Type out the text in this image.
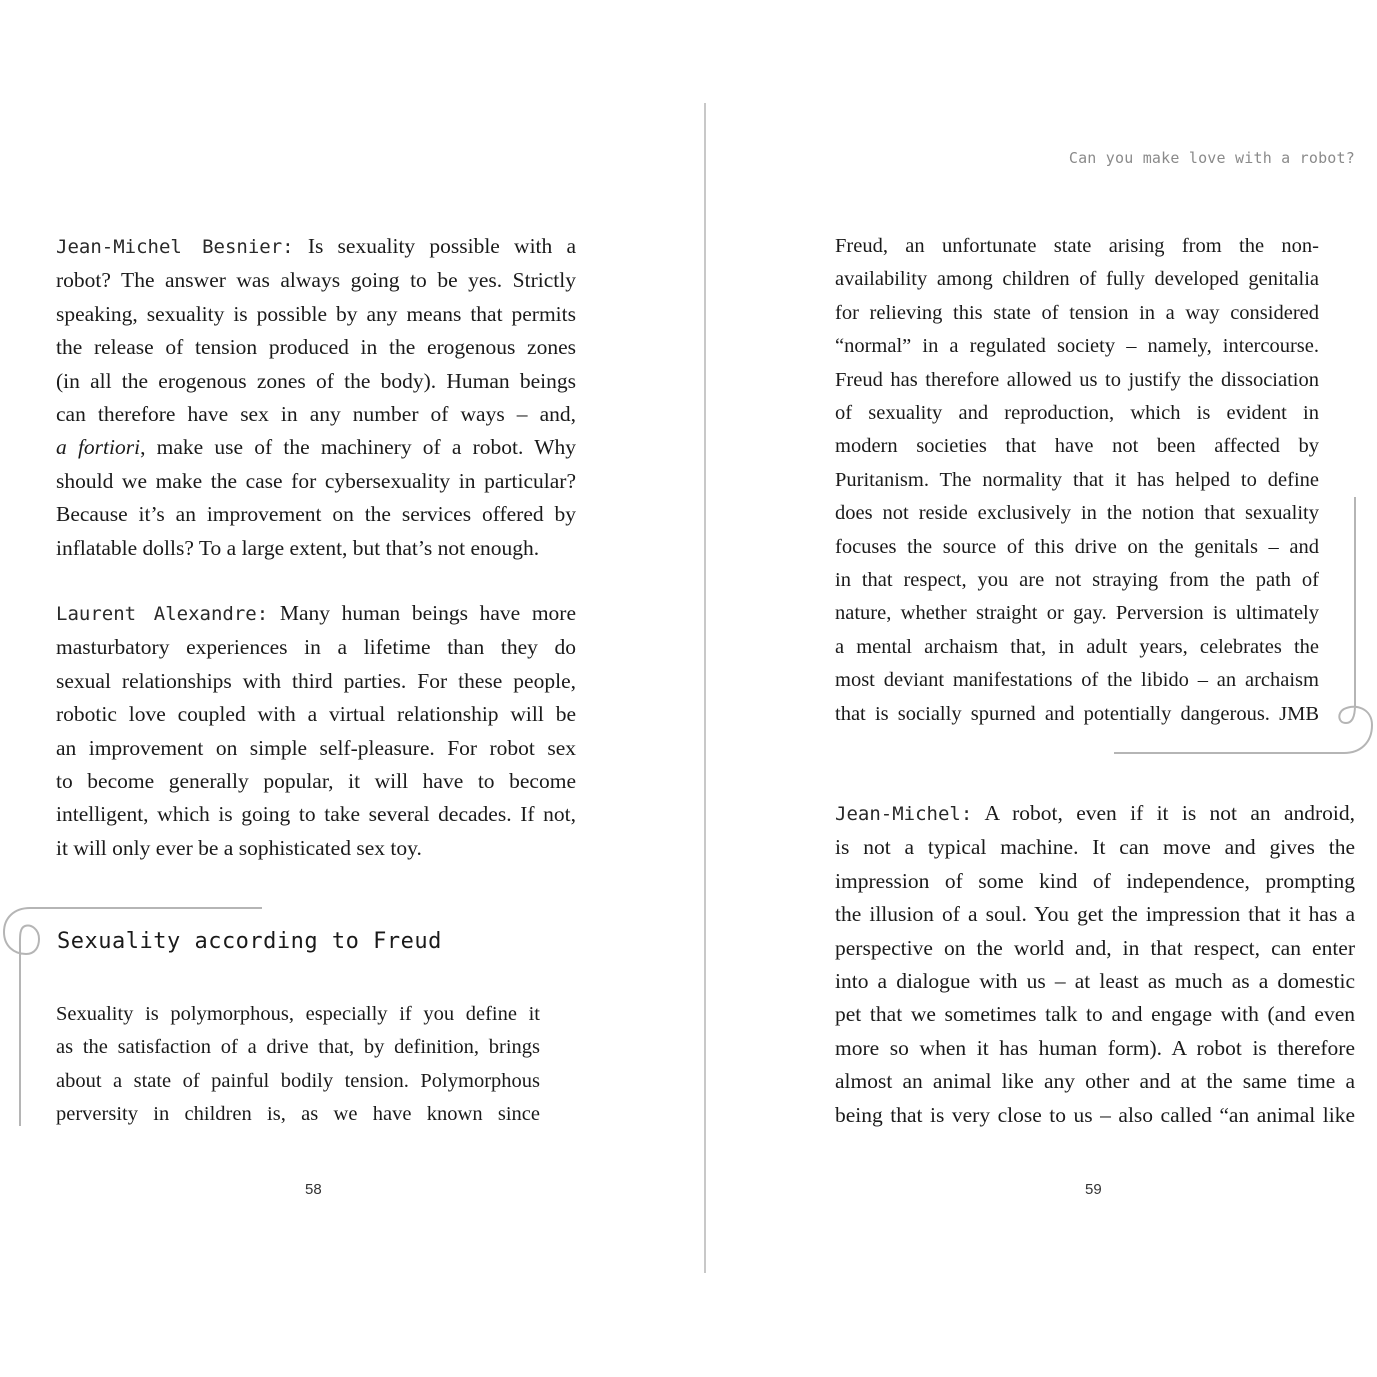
Can you make love with a robot?
Jean-Michel Besnier: Is sexuality possible with a
robot? The answer was always going to be yes. Strictly
speaking, sexuality is possible by any means that permits
the release of tension produced in the erogenous zones
(in all the erogenous zones of the body). Human beings
can therefore have sex in any number of ways – and,
a fortiori, make use of the machinery of a robot. Why
should we make the case for cybersexuality in particular?
Because it’s an improvement on the services offered by
inflatable dolls? To a large extent, but that’s not enough.
Laurent Alexandre: Many human beings have more
masturbatory experiences in a lifetime than they do
sexual relationships with third parties. For these people,
robotic love coupled with a virtual relationship will be
an improvement on simple self-pleasure. For robot sex
to become generally popular, it will have to become
intelligent, which is going to take several decades. If not,
it will only ever be a sophisticated sex toy.
Sexuality according to Freud
Sexuality is polymorphous, especially if you define it
as the satisfaction of a drive that, by definition, brings
about a state of painful bodily tension. Polymorphous
perversity in children is, as we have known since
58
Freud, an unfortunate state arising from the non-
availability among children of fully developed genitalia
for relieving this state of tension in a way considered
“normal” in a regulated society – namely, intercourse.
Freud has therefore allowed us to justify the dissociation
of sexuality and reproduction, which is evident in
modern societies that have not been affected by
Puritanism. The normality that it has helped to define
does not reside exclusively in the notion that sexuality
focuses the source of this drive on the genitals – and
in that respect, you are not straying from the path of
nature, whether straight or gay. Perversion is ultimately
a mental archaism that, in adult years, celebrates the
most deviant manifestations of the libido – an archaism
that is socially spurned and potentially dangerous. JMB
Jean-Michel: A robot, even if it is not an android,
is not a typical machine. It can move and gives the
impression of some kind of independence, prompting
the illusion of a soul. You get the impression that it has a
perspective on the world and, in that respect, can enter
into a dialogue with us – at least as much as a domestic
pet that we sometimes talk to and engage with (and even
more so when it has human form). A robot is therefore
almost an animal like any other and at the same time a
being that is very close to us – also called “an animal like
59
